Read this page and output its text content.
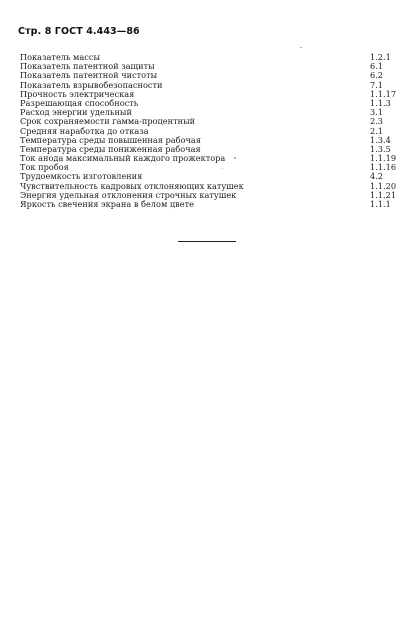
Стр. 8 ГОСТ 4.443—86
Показатель массы	1.2.1
Показатель патентной защиты	6.1
Показатель патентной чистоты	6.2
Показатель взрывобезопасности	7.1
Прочность электрическая	1.1.17
Разрешающая способность	1.1.3
Расход энергии удельный	3.1
Срок сохраняемости гамма-процентный	2.3
Средняя наработка до отказа	2.1
Температура среды повышенная рабочая	1.3.4
Температура среды пониженная рабочая	1.3.5
Ток анода максимальный каждого прожектора	1.1.19
Ток пробоя	1.1.16
Трудоемкость изготовления	4.2
Чувствительность кадровых отклоняющих катушек	1.1.20
Энергия удельная отклонения строчных катушек	1.1.21
Яркость свечения экрана в белом цвете	1.1.1
